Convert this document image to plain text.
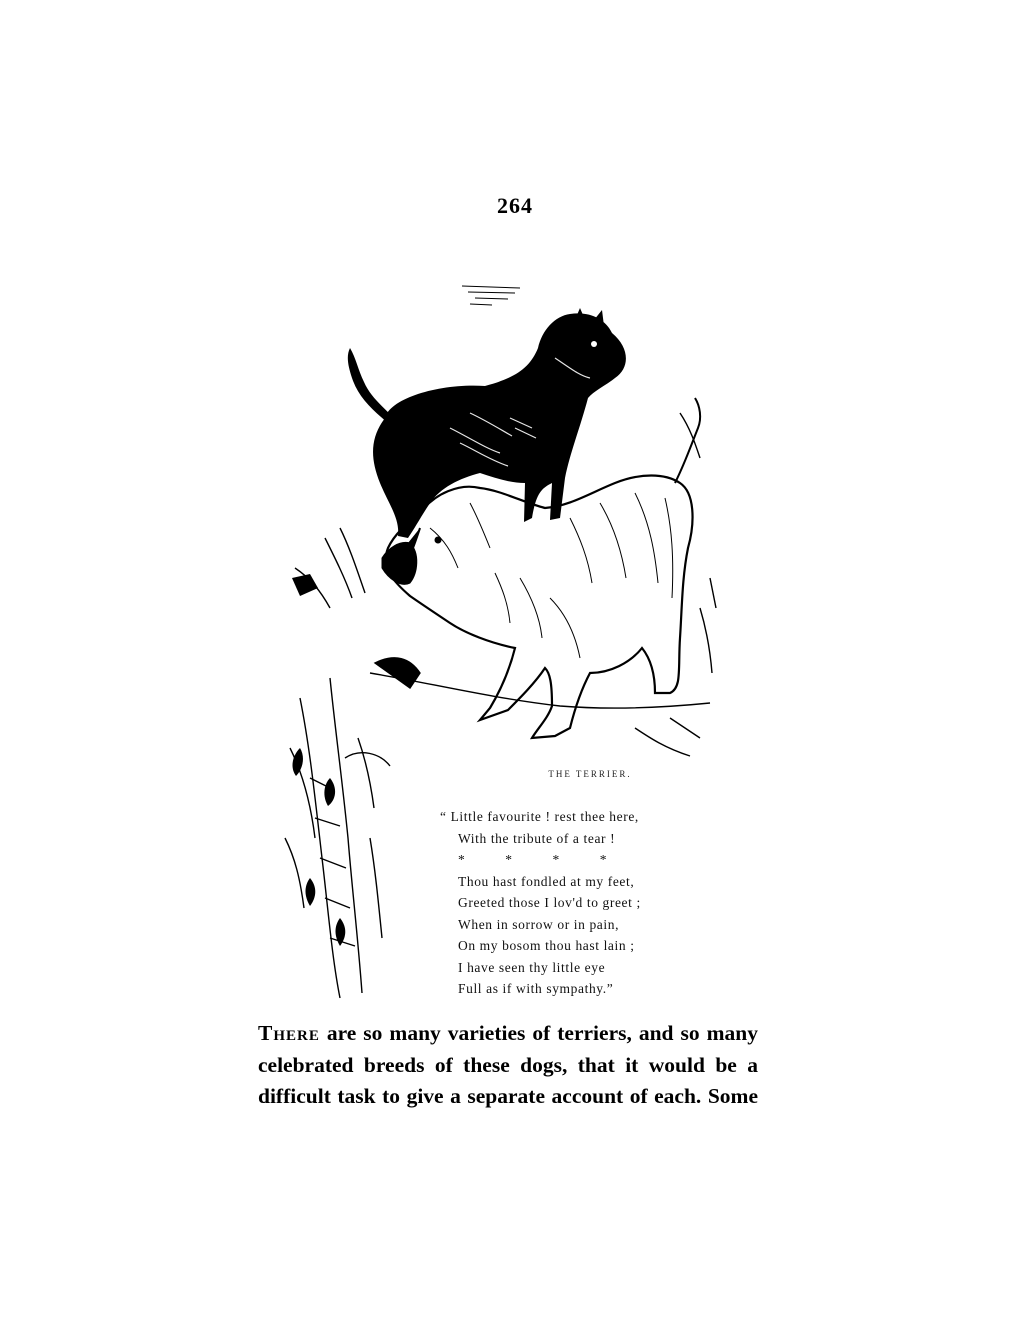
264
THE TERRIER.
“ Little favourite ! rest thee here,
With the tribute of a tear !
*            *            *            *
Thou hast fondled at my feet,
Greeted those I lov'd to greet ;
When in sorrow or in pain,
On my bosom thou hast lain ;
I have seen thy little eye
Full as if with sympathy.”
There are so many varieties of terriers, and so many
celebrated breeds of these dogs, that it would be a
difficult task to give a separate account of each. Some
